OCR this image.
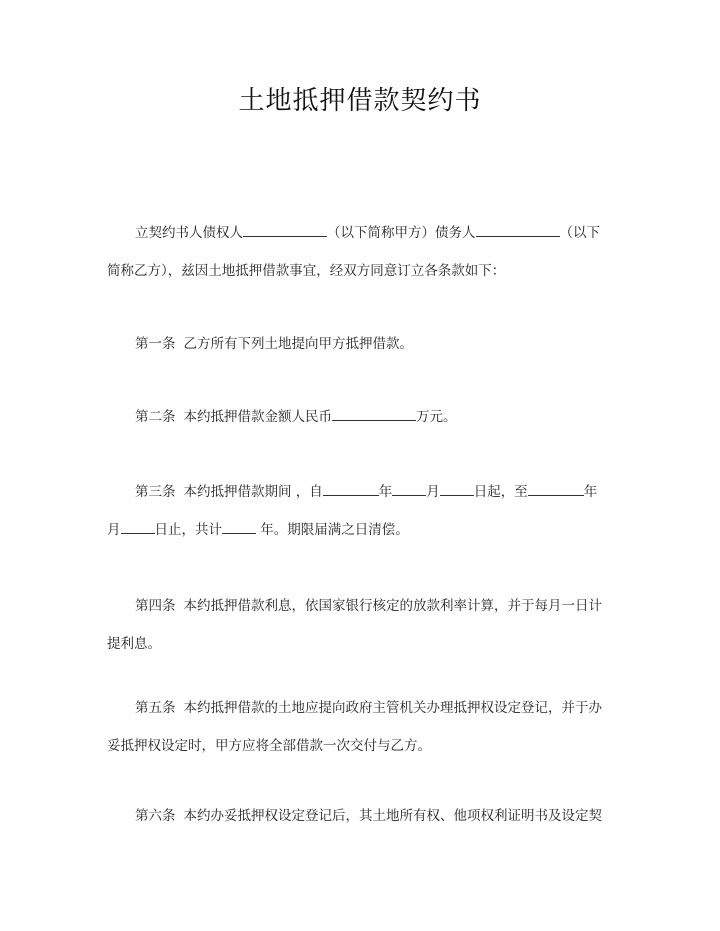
土地抵押借款契约书
立契约书人债权人	（以下简称甲方）债务人	（以下
简称乙方），兹因土地抵押借款事宜，经双方同意订立各条款如下：
第一条 乙方所有下列土地提向甲方抵押借款。
第二条 本约抵押借款金额人民币	万元。
第三条 本约抵押借款期间 ，自	年	月	日起，至	年
月	日止，共计	年。期限届满之日清偿。
第四条 本约抵押借款利息，依国家银行核定的放款利率计算，并于每月一日计
提利息。
第五条 本约抵押借款的土地应提向政府主管机关办理抵押权设定登记，并于办
妥抵押权设定时，甲方应将全部借款一次交付与乙方。
第六条 本约办妥抵押权设定登记后，其土地所有权、他项权利证明书及设定契
